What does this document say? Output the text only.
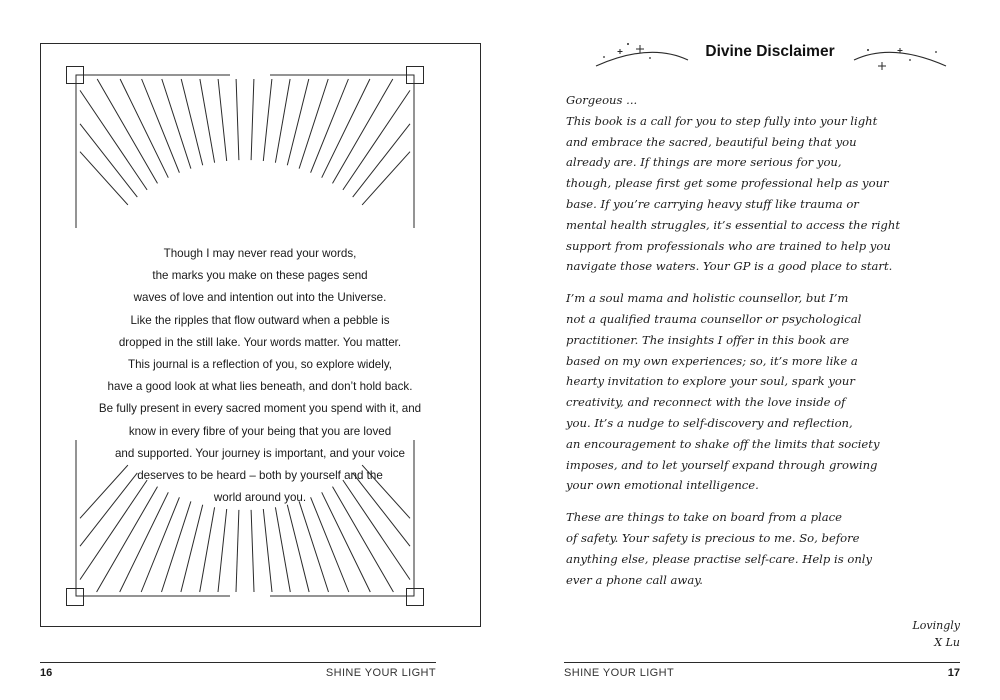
Though I may never read your words,
the marks you make on these pages send
waves of love and intention out into the Universe.
Like the ripples that flow outward when a pebble is
dropped in the still lake. Your words matter. You matter.
This journal is a reflection of you, so explore widely,
have a good look at what lies beneath, and don’t hold back.
Be fully present in every sacred moment you spend with it, and
know in every fibre of your being that you are loved
and supported. Your journey is important, and your voice
deserves to be heard – both by yourself and the
world around you.
16	SHINE YOUR LIGHT
Divine Disclaimer
Gorgeous ...
This book is a call for you to step fully into your light
and embrace the sacred, beautiful being that you
already are. If things are more serious for you,
though, please first get some professional help as your
base. If you’re carrying heavy stuff like trauma or
mental health struggles, it’s essential to access the right
support from professionals who are trained to help you
navigate those waters. Your GP is a good place to start.
I’m a soul mama and holistic counsellor, but I’m
not a qualified trauma counsellor or psychological
practitioner. The insights I offer in this book are
based on my own experiences; so, it’s more like a
hearty invitation to explore your soul, spark your
creativity, and reconnect with the love inside of
you. It’s a nudge to self-discovery and reflection,
an encouragement to shake off the limits that society
imposes, and to let yourself expand through growing
your own emotional intelligence.
These are things to take on board from a place
of safety. Your safety is precious to me. So, before
anything else, please practise self-care. Help is only
ever a phone call away.
Lovingly
X Lu
SHINE YOUR LIGHT	17
